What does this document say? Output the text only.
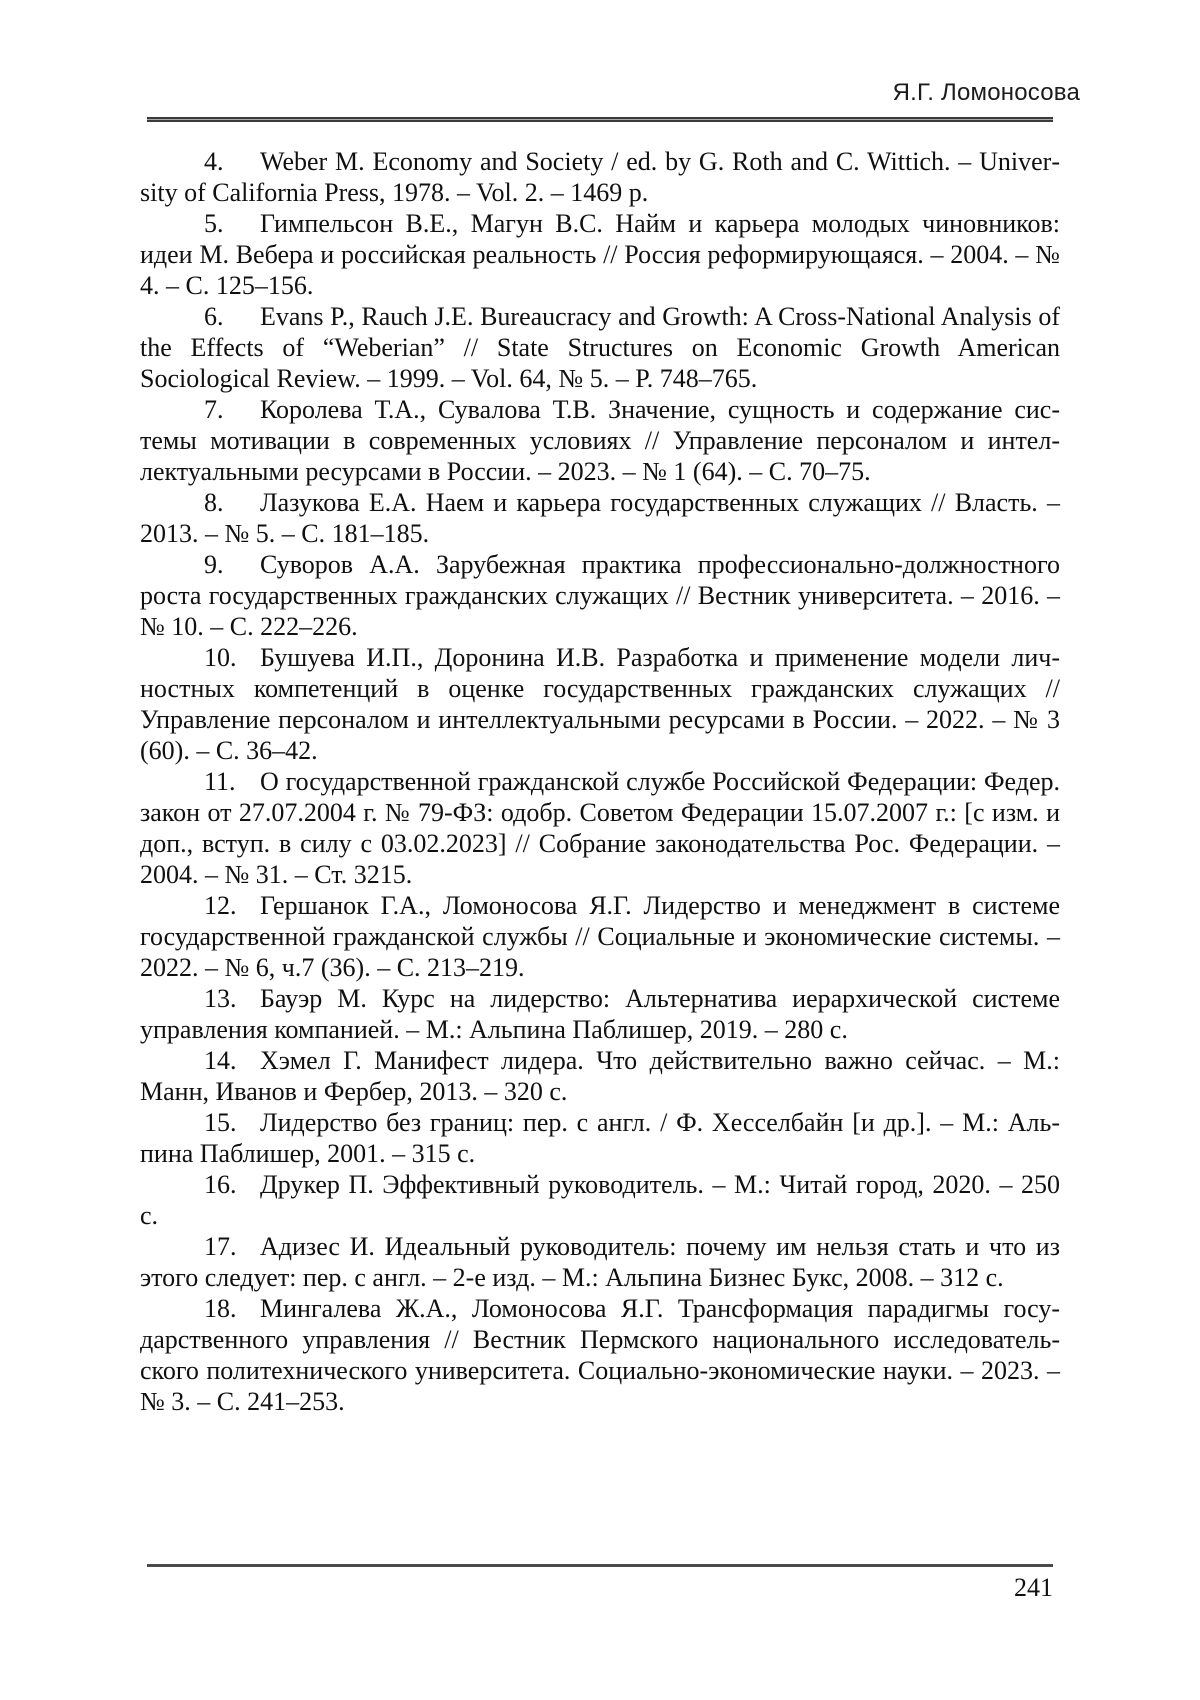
Я.Г. Ломоносова

4. Weber M. Economy and Society / ed. by G. Roth and C. Wittich. – University of California Press, 1978. – Vol. 2. – 1469 p.

5. Гимпельсон В.Е., Магун В.С. Найм и карьера молодых чиновников: идеи М. Вебера и российская реальность // Россия реформирующаяся. – 2004. – № 4. – С. 125–156.

6. Evans P., Rauch J.E. Bureaucracy and Growth: A Cross-National Analysis of the Effects of “Weberian” // State Structures on Economic Growth American Sociological Review. – 1999. – Vol. 64, № 5. – P. 748–765.

7. Королева Т.А., Сувалова Т.В. Значение, сущность и содержание системы мотивации в современных условиях // Управление персоналом и интеллектуальными ресурсами в России. – 2023. – № 1 (64). – С. 70–75.

8. Лазукова Е.А. Наем и карьера государственных служащих // Власть. – 2013. – № 5. – С. 181–185.

9. Суворов А.А. Зарубежная практика профессионально-должностного роста государственных гражданских служащих // Вестник университета. – 2016. – № 10. – С. 222–226.

10. Бушуева И.П., Доронина И.В. Разработка и применение модели личностных компетенций в оценке государственных гражданских служащих // Управление персоналом и интеллектуальными ресурсами в России. – 2022. – № 3 (60). – С. 36–42.

11. О государственной гражданской службе Российской Федерации: Федер. закон от 27.07.2004 г. № 79-ФЗ: одобр. Советом Федерации 15.07.2007 г.: [с изм. и доп., вступ. в силу с 03.02.2023] // Собрание законодательства Рос. Федерации. – 2004. – № 31. – Ст. 3215.

12. Гершанок Г.А., Ломоносова Я.Г. Лидерство и менеджмент в системе государственной гражданской службы // Социальные и экономические системы. – 2022. – № 6, ч.7 (36). – С. 213–219.

13. Бауэр М. Курс на лидерство: Альтернатива иерархической системе управления компанией. – М.: Альпина Паблишер, 2019. – 280 с.

14. Хэмел Г. Манифест лидера. Что действительно важно сейчас. – М.: Манн, Иванов и Фербер, 2013. – 320 с.

15. Лидерство без границ: пер. с англ. / Ф. Хесселбайн [и др.]. – М.: Альпина Паблишер, 2001. – 315 с.

16. Друкер П. Эффективный руководитель. – М.: Читай город, 2020. – 250 с.

17. Адизес И. Идеальный руководитель: почему им нельзя стать и что из этого следует: пер. с англ. – 2-е изд. – М.: Альпина Бизнес Букс, 2008. – 312 с.

18. Мингалева Ж.А., Ломоносова Я.Г. Трансформация парадигмы государственного управления // Вестник Пермского национального исследовательского политехнического университета. Социально-экономические науки. – 2023. – № 3. – С. 241–253.

241
